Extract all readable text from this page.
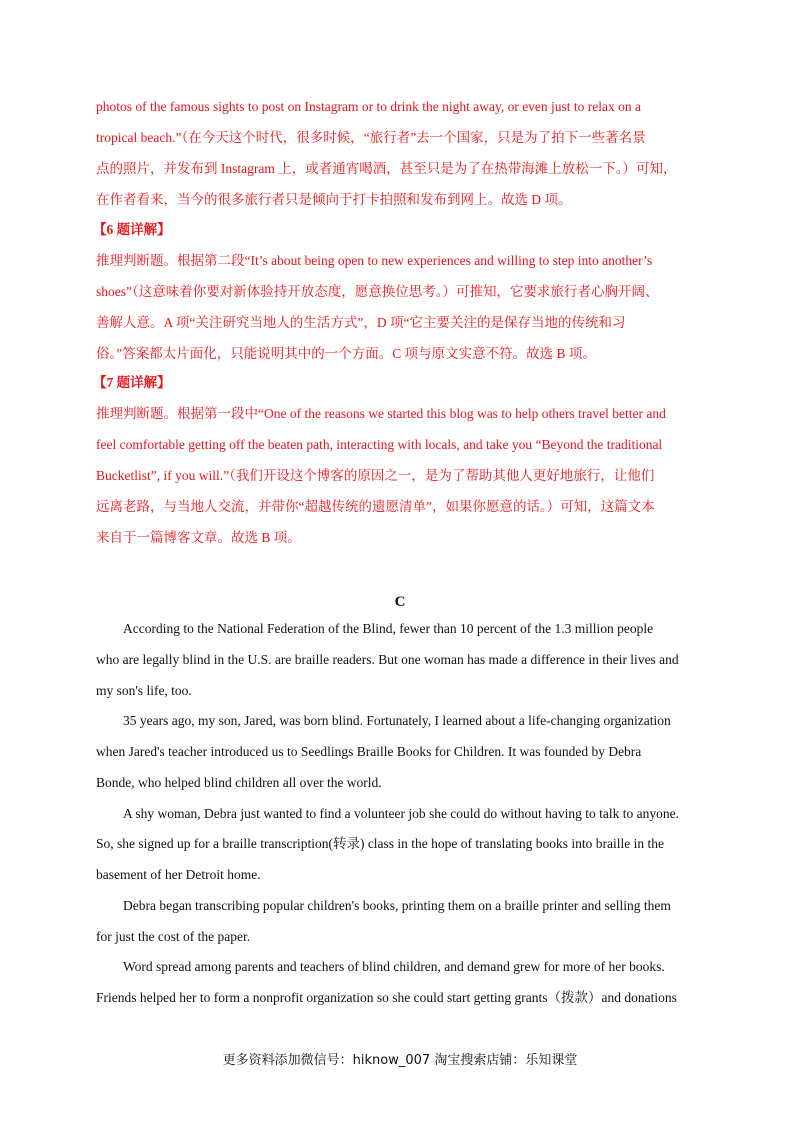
photos of the famous sights to post on Instagram or to drink the night away, or even just to relax on a
tropical beach.”（在今天这个时代，很多时候，“旅行者”去一个国家，只是为了拍下一些著名景
点的照片，并发布到 Instagram 上，或者通宵喝酒，甚至只是为了在热带海滩上放松一下。）可知，
在作者看来，当今的很多旅行者只是倾向于打卡拍照和发布到网上。故选 D 项。
【6 题详解】
推理判断题。根据第二段“It’s about being open to new experiences and willing to step into another’s
shoes”（这意味着你要对新体验持开放态度，愿意换位思考。）可推知，它要求旅行者心胸开阔、
善解人意。A 项“关注研究当地人的生活方式”，D 项“它主要关注的是保存当地的传统和习
俗。”答案都太片面化，只能说明其中的一个方面。C 项与原文实意不符。故选 B 项。
【7 题详解】
推理判断题。根据第一段中“One of the reasons we started this blog was to help others travel better and
feel comfortable getting off the beaten path, interacting with locals, and take you “Beyond the traditional
Bucketlist”, if you will.”（我们开设这个博客的原因之一，是为了帮助其他人更好地旅行，让他们
远离老路，与当地人交流，并带你“超越传统的遗愿清单”，如果你愿意的话。）可知，这篇文本
来自于一篇博客文章。故选 B 项。
C
According to the National Federation of the Blind, fewer than 10 percent of the 1.3 million people
who are legally blind in the U.S. are braille readers. But one woman has made a difference in their lives and
my son's life, too.
35 years ago, my son, Jared, was born blind. Fortunately, I learned about a life-changing organization
when Jared's teacher introduced us to Seedlings Braille Books for Children. It was founded by Debra
Bonde, who helped blind children all over the world.
A shy woman, Debra just wanted to find a volunteer job she could do without having to talk to anyone.
So, she signed up for a braille transcription(转录) class in the hope of translating books into braille in the
basement of her Detroit home.
Debra began transcribing popular children's books, printing them on a braille printer and selling them
for just the cost of the paper.
Word spread among parents and teachers of blind children, and demand grew for more of her books.
Friends helped her to form a nonprofit organization so she could start getting grants（拨款）and donations
更多资料添加微信号：hiknow_007 淘宝搜索店铺：乐知课堂
